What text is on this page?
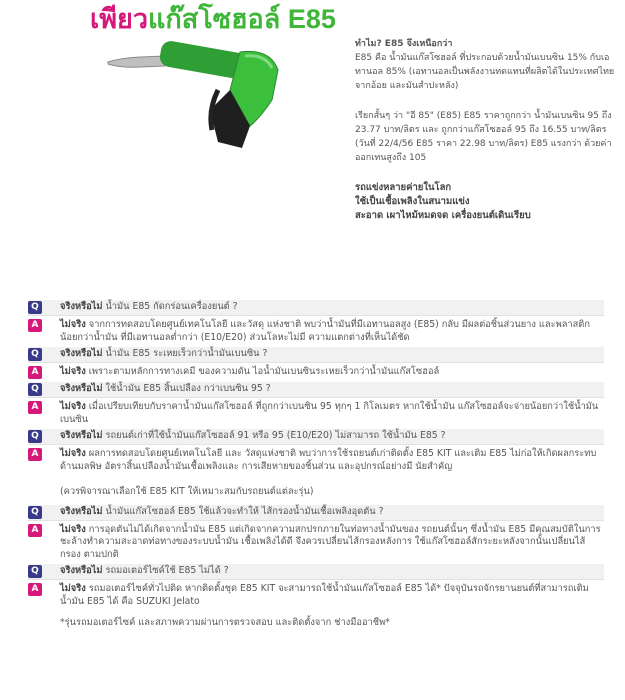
เพียวแก๊สโซฮอล์ E85

ทำไม? E85 จึงเหนือกว่า

E85 คือ น้ำมันแก๊สโซฮอล์ ที่ประกอบด้วยน้ำมันเบนซิน 15% กับเอทานอล 85% (เอทานอลเป็นพลังงานทดแทนที่ผลิตได้ในประเทศไทย จากอ้อย และมันสำปะหลัง)

เรียกสั้นๆ ว่า "อี 85" (E85) E85 ราคาถูกกว่า น้ำมันเบนซิน 95 ถึง 23.77 บาท/ลิตร และ ถูกกว่าแก๊สโซฮอล์ 95 ถึง 16.55 บาท/ลิตร (วันที่ 22/4/56 E85 ราคา 22.98 บาท/ลิตร) E85 แรงกว่า ด้วยค่าออกเทนสูงถึง 105

รถแข่งหลายค่ายในโลก

ใช้เป็นเชื้อเพลิงในสนามแข่ง

สะอาด เผาไหม้หมดจด เครื่องยนต์เดินเรียบ

Q	จริงหรือไม่ น้ำมัน E85 กัดกร่อนเครื่องยนต์ ?
A	ไม่จริง จากการทดสอบโดยศูนย์เทคโนโลยี และวัสดุ แห่งชาติ พบว่าน้ำมันที่มีเอทานอลสูง (E85) กลับ มีผลต่อชิ้นส่วนยาง และพลาสติกน้อยกว่าน้ำมัน ที่มีเอทานอลต่ำกว่า (E10/E20) ส่วนโลหะไม่มี ความแตกต่างที่เห็นได้ชัด
Q	จริงหรือไม่ น้ำมัน E85 ระเหยเร็วกว่าน้ำมันเบนซิน ?
A	ไม่จริง เพราะตามหลักการทางเคมี ของความดัน ไอน้ำมันเบนซินระเหยเร็วกว่าน้ำมันแก๊สโซฮอล์
Q	จริงหรือไม่ ใช้น้ำมัน E85 สิ้นเปลือง กว่าเบนซิน 95 ?
A	ไม่จริง เมื่อเปรียบเทียบกับราคาน้ำมันแก๊สโซฮอล์ ที่ถูกกว่าเบนซิน 95 ทุกๆ 1 กิโลเมตร หากใช้น้ำมัน แก๊สโซฮอล์จะจ่ายน้อยกว่าใช้น้ำมันเบนซิน
Q	จริงหรือไม่ รถยนต์เก่าที่ใช้น้ำมันแก๊สโซฮอล์ 91 หรือ 95 (E10/E20) ไม่สามารถ ใช้น้ำมัน E85 ?
A	ไม่จริง ผลการทดสอบโดยศูนย์เทคโนโลยี และ วัสดุแห่งชาติ พบว่าการใช้รถยนต์เก่าติดตั้ง E85 KIT และเติม E85 ไม่ก่อให้เกิดผลกระทบ ด้านมลพิษ อัตราสิ้นเปลืองน้ำมันเชื้อเพลิงและ การเสียหายของชิ้นส่วน และอุปกรณ์อย่างมี นัยสำคัญ

(ควรพิจารณาเลือกใช้ E85 KIT ให้เหมาะสมกับรถยนต์แต่ละรุ่น)

Q	จริงหรือไม่ น้ำมันแก๊สโซฮอล์ E85 ใช้แล้วจะทำให้ ไส้กรองน้ำมันเชื้อเพลิงอุดตัน ?
A	ไม่จริง การอุดตันไม่ได้เกิดจากน้ำมัน E85 แต่เกิดจากความสกปรกภายในท่อทางน้ำมันของ รถยนต์นั้นๆ ซึ่งน้ำมัน E85 มีคุณสมบัติในการ ชะล้างทำความสะอาดท่อทางของระบบน้ำมัน เชื้อเพลิงได้ดี จึงควรเปลี่ยนไส้กรองหลังการ ใช้แก๊สโซฮอล์สักระยะหลังจากนั้นเปลี่ยนไส้กรอง ตามปกติ
Q	จริงหรือไม่ รถมอเตอร์ไซค์ใช้ E85 ไม่ได้ ?
A	ไม่จริง รถมอเตอร์ไซค์ทั่วไปติด หากติดตั้งชุด E85 KIT จะสามารถใช้น้ำมันแก๊สโซฮอล์ E85 ได้* ปัจจุบันรถจักรยานยนต์ที่สามารถเติมน้ำมัน E85 ได้ คือ SUZUKI Jelato

*รุ่นรถมอเตอร์ไซค์ และสภาพความผ่านการตรวจสอบ และติดตั้งจาก ช่างมืออาชีพ*
